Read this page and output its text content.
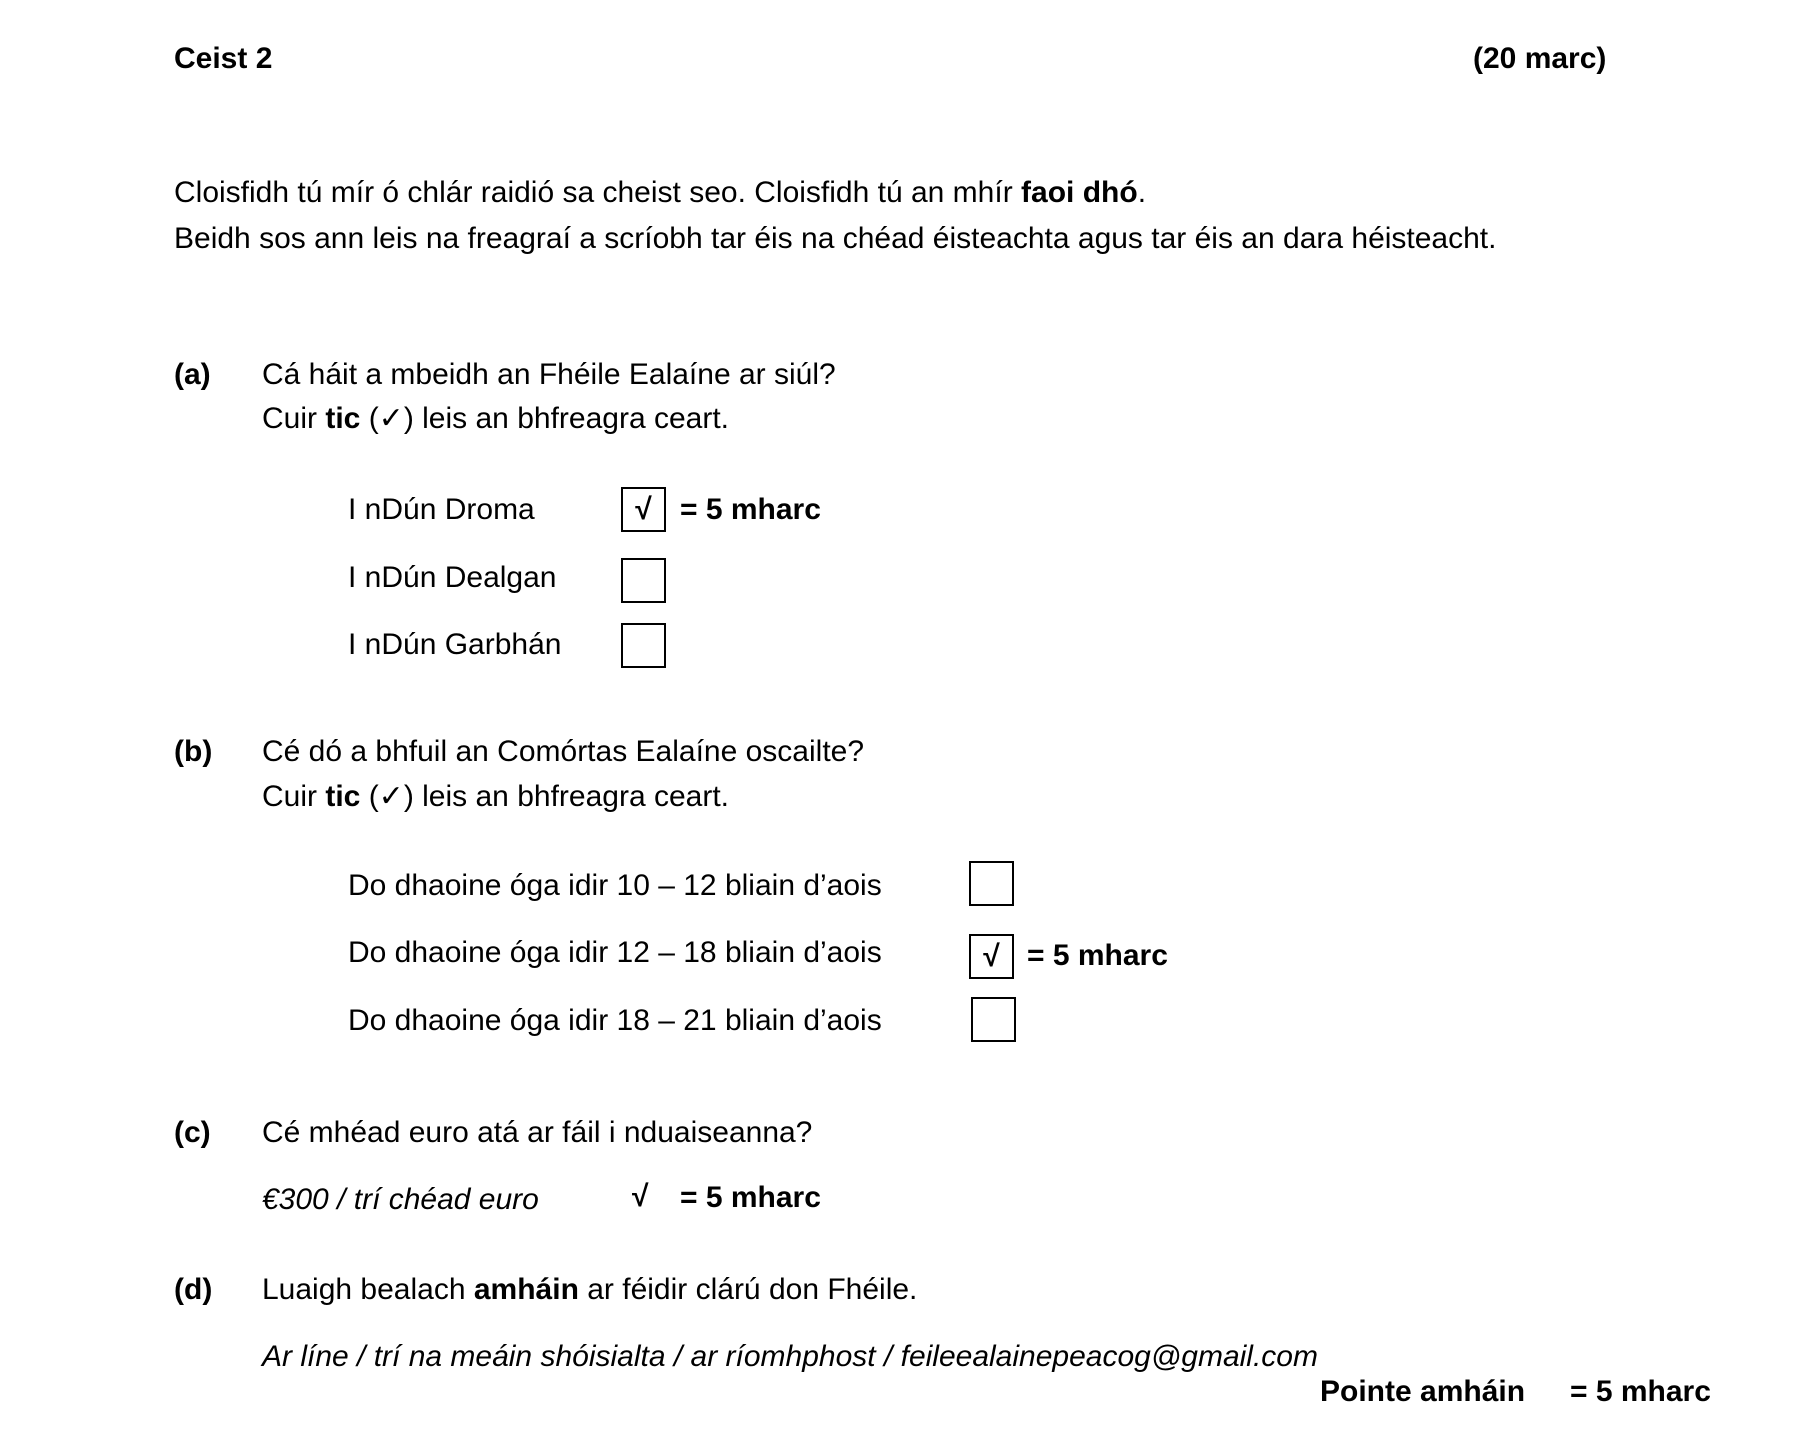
Ceist 2	(20 marc)
Cloisfidh tú mír ó chlár raidió sa cheist seo. Cloisfidh tú an mhír faoi dhó.
Beidh sos ann leis na freagraí a scríobh tar éis na chéad éisteachta agus tar éis an dara héisteacht.
(a) Cá háit a mbeidh an Fhéile Ealaíne ar siúl?
Cuir tic (✓) leis an bhfreagra ceart.
I nDún Droma	√ = 5 mharc
I nDún Dealgan
I nDún Garbhán
(b) Cé dó a bhfuil an Comórtas Ealaíne oscailte?
Cuir tic (✓) leis an bhfreagra ceart.
Do dhaoine óga idir 10 – 12 bliain d’aois
Do dhaoine óga idir 12 – 18 bliain d’aois	√ = 5 mharc
Do dhaoine óga idir 18 – 21 bliain d’aois
(c) Cé mhéad euro atá ar fáil i nduaiseanna?
€300 / trí chéad euro	√ = 5 mharc
(d) Luaigh bealach amháin ar féidir clárú don Fhéile.
Ar líne / trí na meáin shóisialta / ar ríomhphost / feileealainepeacog@gmail.com
Pointe amháin = 5 mharc
